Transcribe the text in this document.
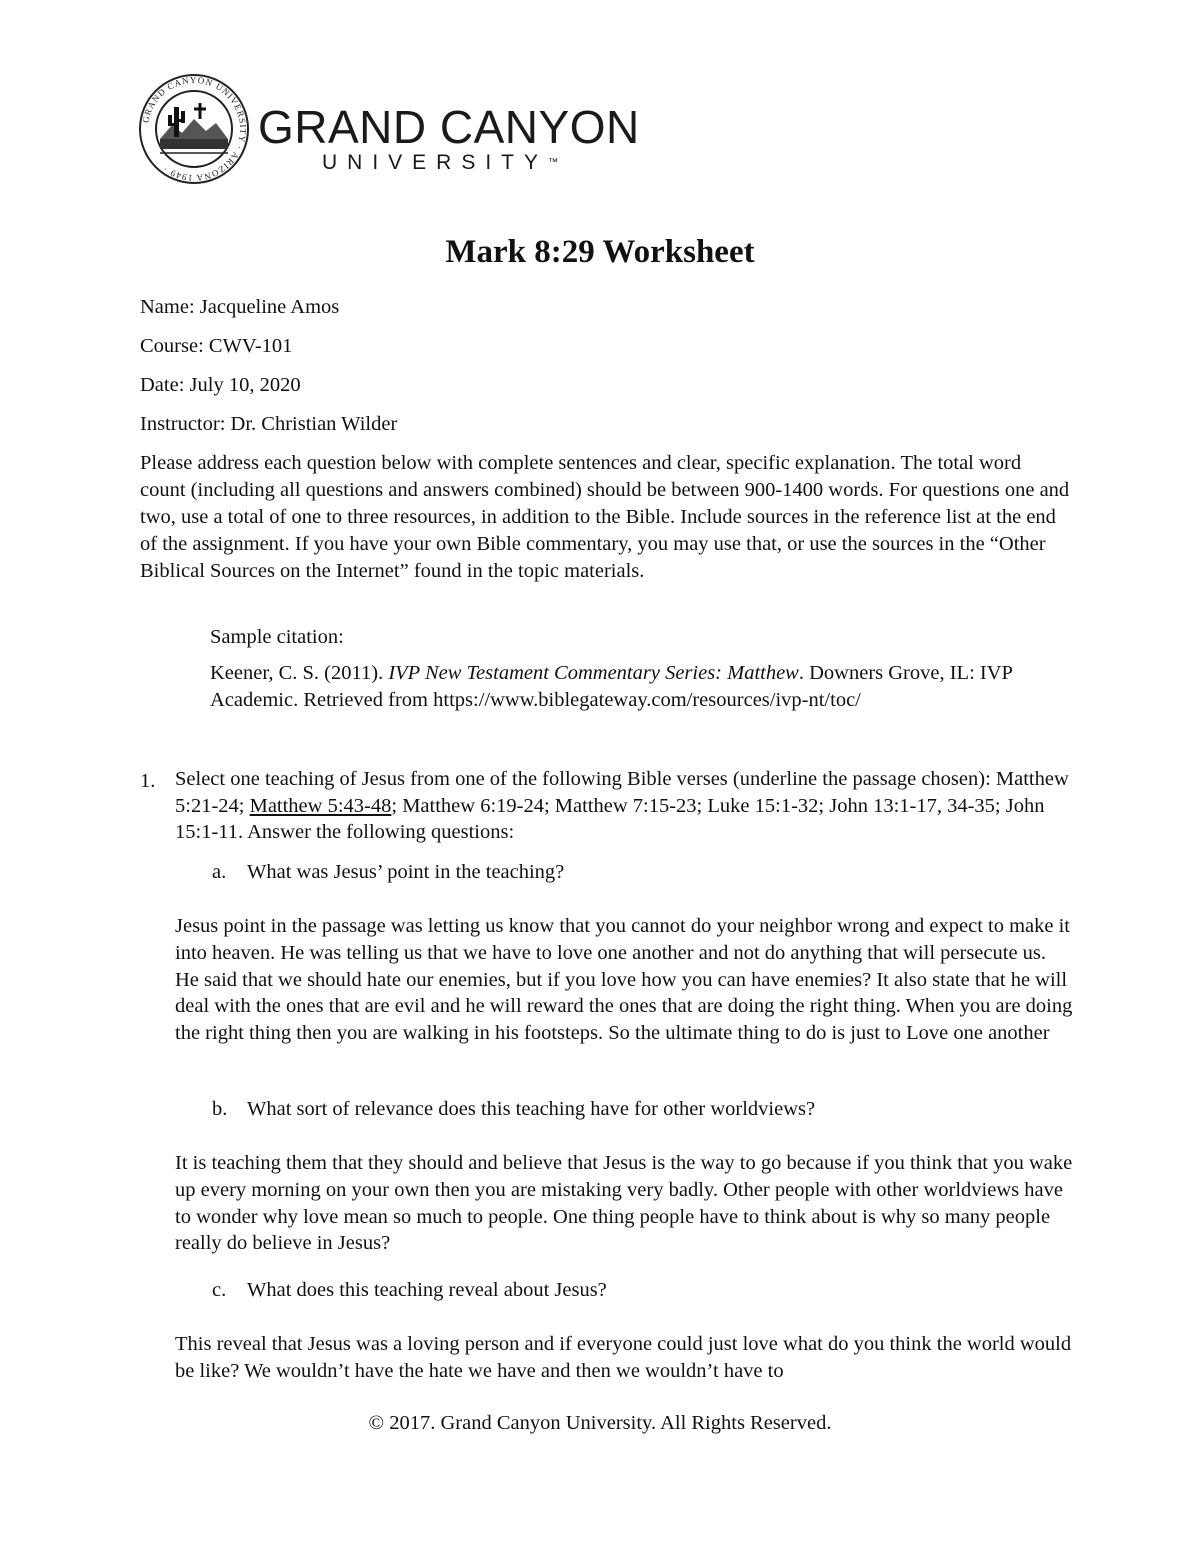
GRAND CANYON UNIVERSITY · ARIZONA 1949 ·
GRAND CANYON
UNIVERSITY™
Mark 8:29 Worksheet
Name: Jacqueline Amos
Course: CWV-101
Date: July 10, 2020
Instructor: Dr. Christian Wilder
Please address each question below with complete sentences and clear, specific explanation. The total word count (including all questions and answers combined) should be between 900-1400 words. For questions one and two, use a total of one to three resources, in addition to the Bible. Include sources in the reference list at the end of the assignment. If you have your own Bible commentary, you may use that, or use the sources in the “Other Biblical Sources on the Internet” found in the topic materials.
Sample citation:
Keener, C. S. (2011). IVP New Testament Commentary Series: Matthew. Downers Grove, IL: IVP Academic. Retrieved from https://www.biblegateway.com/resources/ivp-nt/toc/
1. Select one teaching of Jesus from one of the following Bible verses (underline the passage chosen): Matthew 5:21-24; Matthew 5:43-48; Matthew 6:19-24; Matthew 7:15-23; Luke 15:1-32; John 13:1-17, 34-35; John 15:1-11. Answer the following questions:
a. What was Jesus’ point in the teaching?
Jesus point in the passage was letting us know that you cannot do your neighbor wrong and expect to make it into heaven. He was telling us that we have to love one another and not do anything that will persecute us. He said that we should hate our enemies, but if you love how you can have enemies? It also state that he will deal with the ones that are evil and he will reward the ones that are doing the right thing. When you are doing the right thing then you are walking in his footsteps. So the ultimate thing to do is just to Love one another
b. What sort of relevance does this teaching have for other worldviews?
It is teaching them that they should and believe that Jesus is the way to go because if you think that you wake up every morning on your own then you are mistaking very badly. Other people with other worldviews have to wonder why love mean so much to people. One thing people have to think about is why so many people really do believe in Jesus?
c. What does this teaching reveal about Jesus?
This reveal that Jesus was a loving person and if everyone could just love what do you think the world would be like? We wouldn’t have the hate we have and then we wouldn’t have to
© 2017. Grand Canyon University. All Rights Reserved.
